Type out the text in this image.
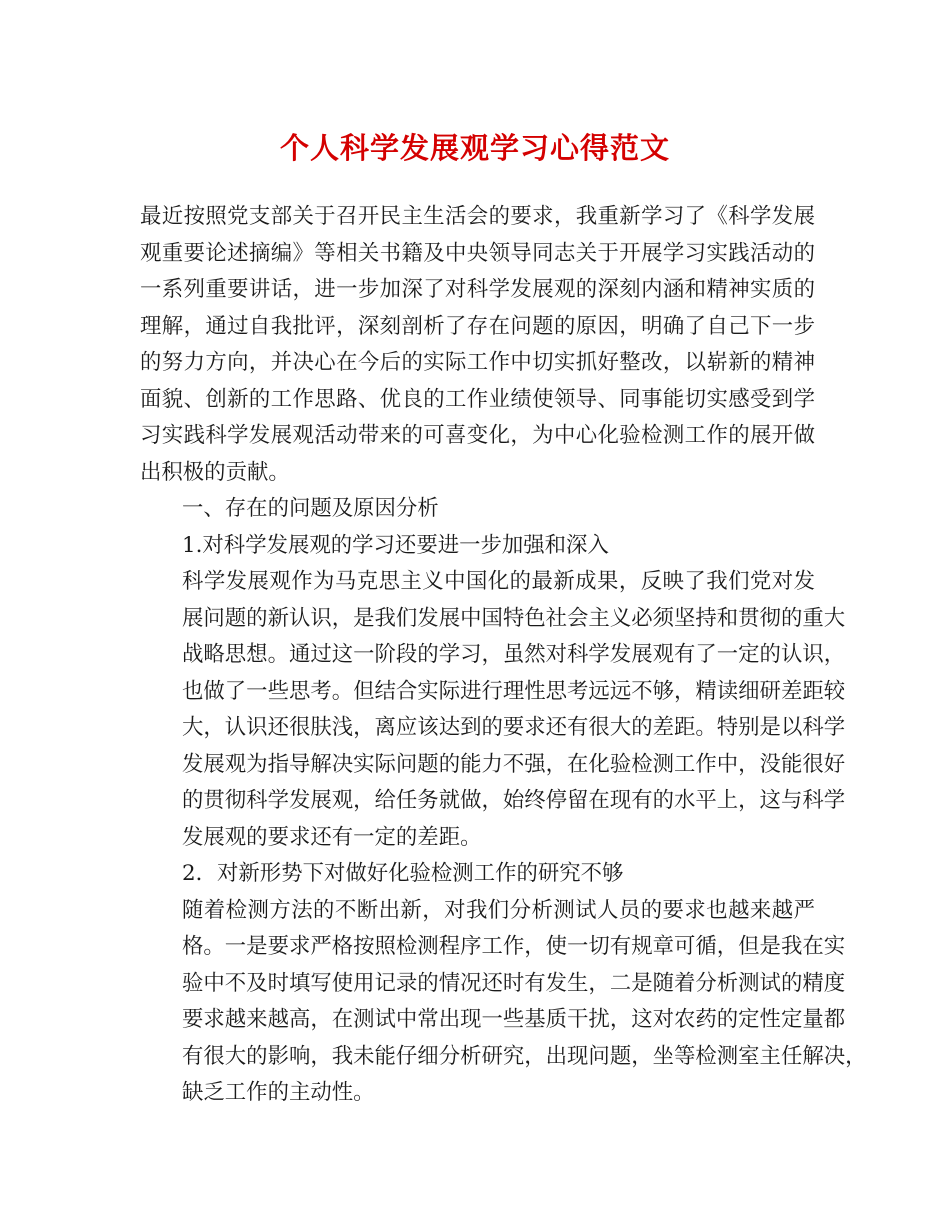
个人科学发展观学习心得范文

最近按照党支部关于召开民主生活会的要求，我重新学习了《科学发展
观重要论述摘编》等相关书籍及中央领导同志关于开展学习实践活动的
一系列重要讲话，进一步加深了对科学发展观的深刻内涵和精神实质的
理解，通过自我批评，深刻剖析了存在问题的原因，明确了自己下一步
的努力方向，并决心在今后的实际工作中切实抓好整改，以崭新的精神
面貌、创新的工作思路、优良的工作业绩使领导、同事能切实感受到学
习实践科学发展观活动带来的可喜变化，为中心化验检测工作的展开做
出积极的贡献。

一、存在的问题及原因分析

1.对科学发展观的学习还要进一步加强和深入

科学发展观作为马克思主义中国化的最新成果，反映了我们党对发
展问题的新认识，是我们发展中国特色社会主义必须坚持和贯彻的重大
战略思想。通过这一阶段的学习，虽然对科学发展观有了一定的认识，
也做了一些思考。但结合实际进行理性思考远远不够，精读细研差距较
大，认识还很肤浅，离应该达到的要求还有很大的差距。特别是以科学
发展观为指导解决实际问题的能力不强，在化验检测工作中，没能很好
的贯彻科学发展观，给任务就做，始终停留在现有的水平上，这与科学
发展观的要求还有一定的差距。

2．对新形势下对做好化验检测工作的研究不够

随着检测方法的不断出新，对我们分析测试人员的要求也越来越严
格。一是要求严格按照检测程序工作，使一切有规章可循，但是我在实
验中不及时填写使用记录的情况还时有发生，二是随着分析测试的精度
要求越来越高，在测试中常出现一些基质干扰，这对农药的定性定量都
有很大的影响，我未能仔细分析研究，出现问题，坐等检测室主任解决，
缺乏工作的主动性。
